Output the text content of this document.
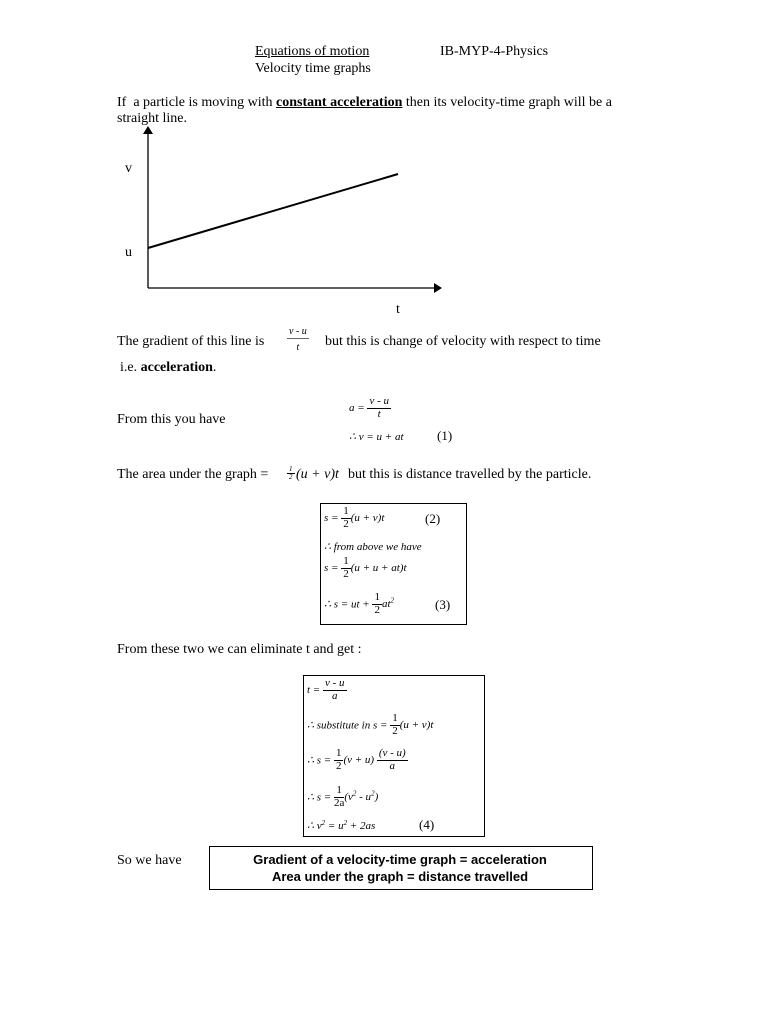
Equations of motion	IB-MYP-4-Physics
Velocity time graphs
If  a particle is moving with constant acceleration then its velocity-time graph will be a
straight line.
v
u
t
The gradient of this line is $\frac{v - u}{t}$ but this is change of velocity with respect to time
i.e. acceleration.
From this you have
$a = \frac{v - u}{t}$
∴ v = u + at	(1)
The area under the graph =	$\frac{1}{2} (u + v)t$ but this is distance travelled by the particle.
$s = \frac{1}{2} (u + v)t$	(2)
∴ from above we have
$s = \frac{1}{2} (u + u + at)t$
∴ s = ut + $\frac{1}{2} at^2$	(3)
From these two we can eliminate t and get :
$t = \frac{v - u}{a}$
∴ substitute in $s = \frac{1}{2} (u + v)t$
∴ $s = \frac{1}{2} (v + u) \frac{(v - u)}{a}$
∴ $s = \frac{1}{2a} (v^2 - u^2)$
∴ $v^2 = u^2 + 2as$	(4)
So we have	Gradient of a velocity-time graph = acceleration
Area under the graph = distance travelled
